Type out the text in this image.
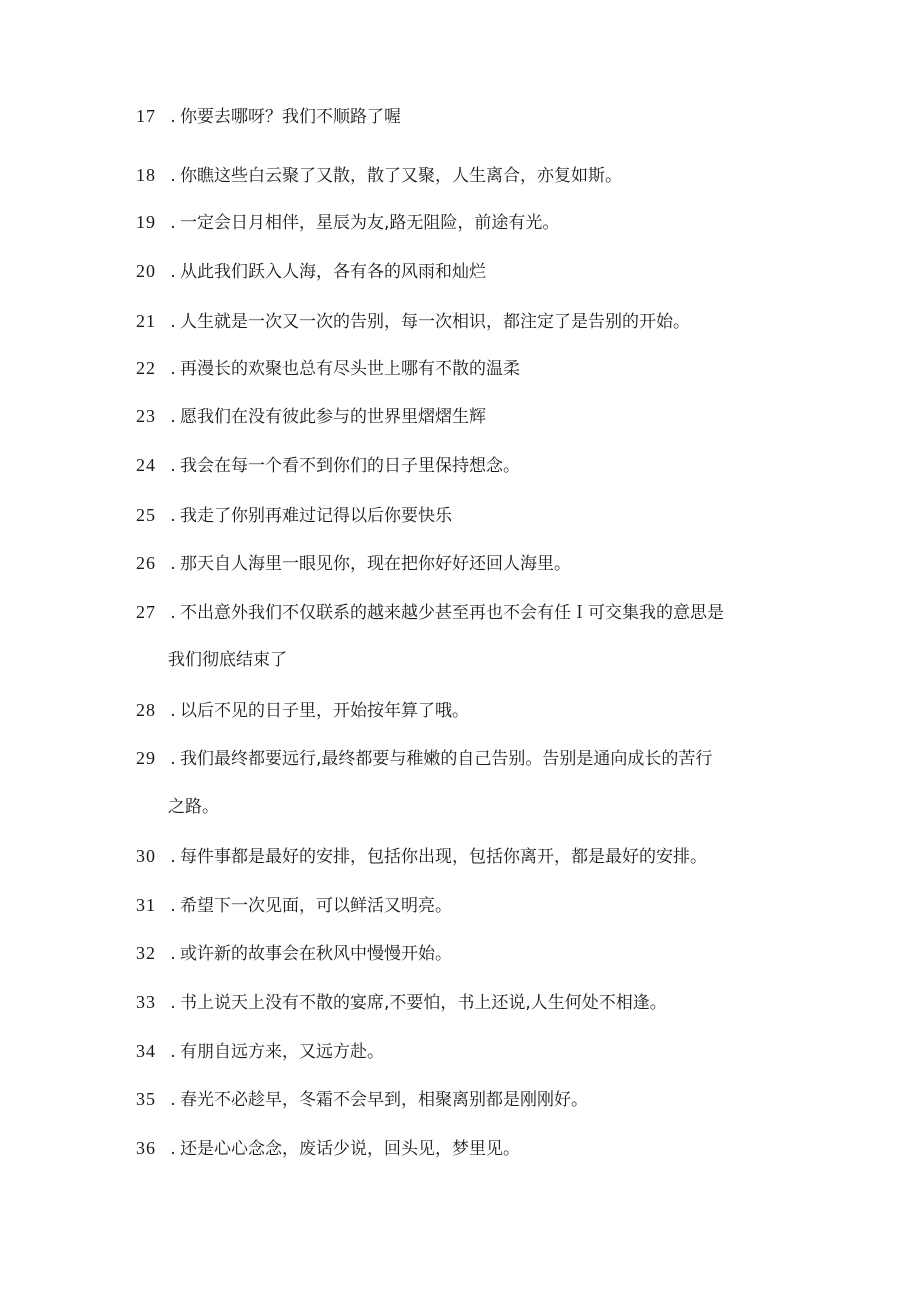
17 . 你要去哪呀？我们不顺路了喔
18 . 你瞧这些白云聚了又散，散了又聚，人生离合，亦复如斯。
19 . 一定会日月相伴，星辰为友,路无阻险，前途有光。
20 . 从此我们跃入人海，各有各的风雨和灿烂
21 . 人生就是一次又一次的告别，每一次相识，都注定了是告别的开始。
22 . 再漫长的欢聚也总有尽头世上哪有不散的温柔
23 . 愿我们在没有彼此参与的世界里熠熠生辉
24 . 我会在每一个看不到你们的日子里保持想念。
25 . 我走了你别再难过记得以后你要快乐
26 . 那天自人海里一眼见你，现在把你好好还回人海里。
27 . 不出意外我们不仅联系的越来越少甚至再也不会有任Ｉ可交集我的意思是
我们彻底结束了
28 . 以后不见的日子里，开始按年算了哦。
29 . 我们最终都要远行,最终都要与稚嫩的自己告别。告别是通向成长的苦行
之路。
30 . 每件事都是最好的安排，包括你出现，包括你离开，都是最好的安排。
31 . 希望下一次见面，可以鲜活又明亮。
32 . 或许新的故事会在秋风中慢慢开始。
33 . 书上说天上没有不散的宴席,不要怕，书上还说,人生何处不相逢。
34 . 有朋自远方来，又远方赴。
35 . 春光不必趁早，冬霜不会早到，相聚离别都是刚刚好。
36 . 还是心心念念，废话少说，回头见，梦里见。
